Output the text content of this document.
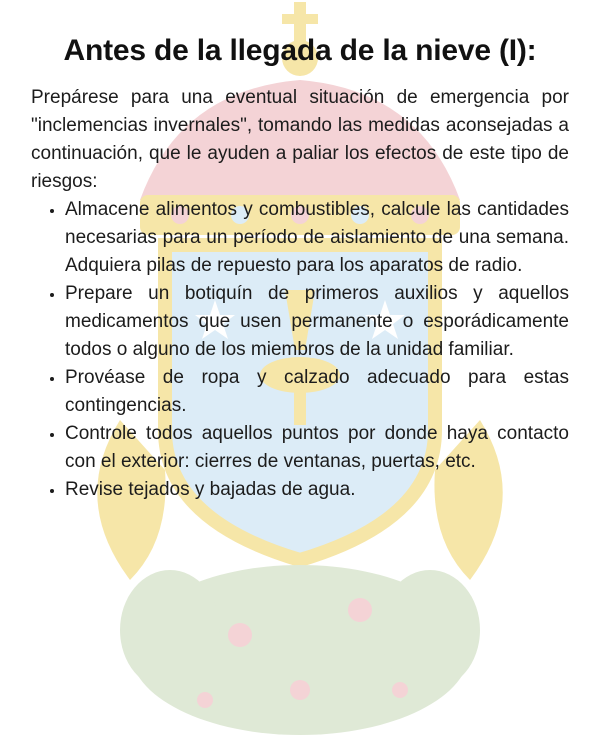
Antes de la llegada de la nieve (I):

Prepárese para una eventual situación de emergencia por "inclemencias invernales", tomando las medidas aconsejadas a continuación, que le ayuden a paliar los efectos de este tipo de riesgos:

• Almacene alimentos y combustibles, calcule las cantidades necesarias para un período de aislamiento de una semana. Adquiera pilas de repuesto para los aparatos de radio.
• Prepare un botiquín de primeros auxilios y aquellos medicamentos que usen permanente o esporádicamente todos o alguno de los miembros de la unidad familiar.
• Provéase de ropa y calzado adecuado para estas contingencias.
• Controle todos aquellos puntos por donde haya contacto con el exterior: cierres de ventanas, puertas, etc.
• Revise tejados y bajadas de agua.
